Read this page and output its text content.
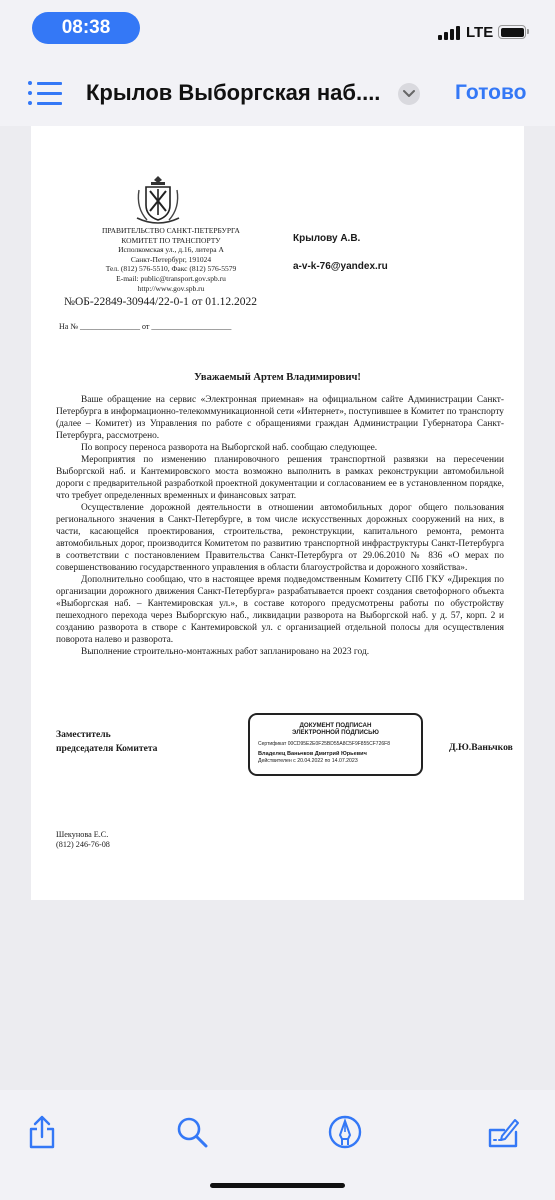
08:38	LTE
Крылов Выборгская наб....	Готово
ПРАВИТЕЛЬСТВО САНКТ-ПЕТЕРБУРГА
КОМИТЕТ ПО ТРАНСПОРТУ
Исполкомская ул., д.16, литера А
Санкт-Петербург, 191024
Тел. (812) 576-5510, Факс (812) 576-5579
E-mail: public@transport.gov.spb.ru
http://www.gov.spb.ru
№ОБ-22849-30944/22-0-1 от 01.12.2022
На № _______________ от ____________________
Крылову А.В.
a-v-k-76@yandex.ru
Уважаемый Артем Владимирович!

Ваше обращение на сервис «Электронная приемная» на официальном сайте Администрации Санкт-Петербурга в информационно-телекоммуникационной сети «Интернет», поступившее в Комитет по транспорту (далее – Комитет) из Управления по работе с обращениями граждан Администрации Губернатора Санкт-Петербурга, рассмотрено.

По вопросу переноса разворота на Выборгской наб. сообщаю следующее.

Мероприятия по изменению планировочного решения транспортной развязки на пересечении Выборгской наб. и Кантемировского моста возможно выполнить в рамках реконструкции автомобильной дороги с предварительной разработкой проектной документации и согласованием ее в установленном порядке, что требует определенных временных и финансовых затрат.

Осуществление дорожной деятельности в отношении автомобильных дорог общего пользования регионального значения в Санкт-Петербурге, в том числе искусственных дорожных сооружений на них, в части, касающейся проектирования, строительства, реконструкции, капитального ремонта, ремонта автомобильных дорог, производится Комитетом по развитию транспортной инфраструктуры Санкт-Петербурга в соответствии с постановлением Правительства Санкт-Петербурга от 29.06.2010 № 836 «О мерах по совершенствованию государственного управления в области благоустройства и дорожного хозяйства».

Дополнительно сообщаю, что в настоящее время подведомственным Комитету СПб ГКУ «Дирекция по организации дорожного движения Санкт-Петербурга» разрабатывается проект создания светофорного объекта «Выборгская наб. – Кантемировская ул.», в составе которого предусмотрены работы по обустройству пешеходного перехода через Выборгскую наб., ликвидации разворота на Выборгской наб. у д. 57, корп. 2 и созданию разворота в створе с Кантемировской ул. с организацией отдельной полосы для осуществления поворота налево и разворота.

Выполнение строительно-монтажных работ запланировано на 2023 год.

Заместитель
председателя Комитета
ДОКУМЕНТ ПОДПИСАН
ЭЛЕКТРОННОЙ ПОДПИСЬЮ
Сертификат 00CD95E2E0F25BD55A8C5F9F855CF726F8
Владелец Ваньчков Дмитрий Юрьевич
Действителен с 20.04.2022 по 14.07.2023
Д.Ю.Ваньчков
Шекунова Е.С.
(812) 246-76-08
